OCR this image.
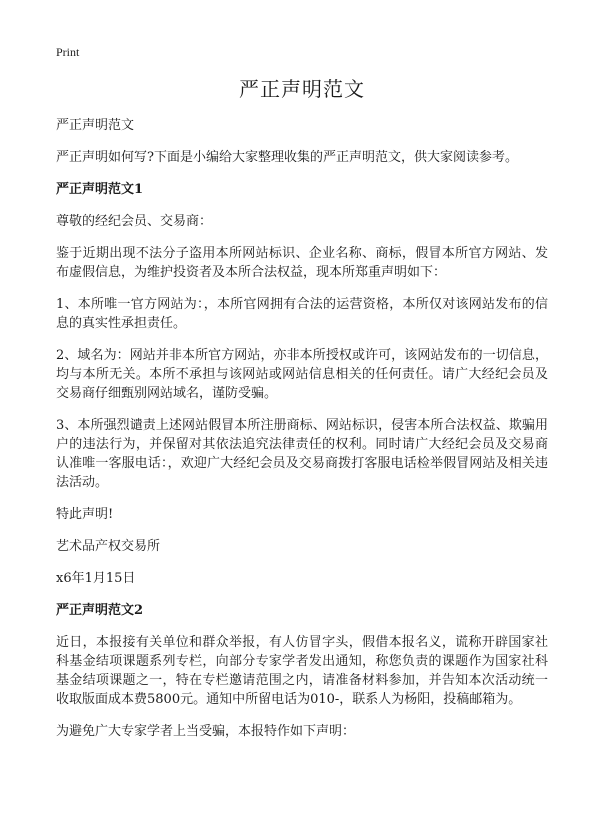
Print
严正声明范文

严正声明范文

严正声明如何写?下面是小编给大家整理收集的严正声明范文，供大家阅读参考。

严正声明范文1

尊敬的经纪会员、交易商：

鉴于近期出现不法分子盗用本所网站标识、企业名称、商标，假冒本所官方网站、发布虚假信息，为维护投资者及本所合法权益，现本所郑重声明如下：

1、本所唯一官方网站为：，本所官网拥有合法的运营资格，本所仅对该网站发布的信息的真实性承担责任。

2、域名为：网站并非本所官方网站，亦非本所授权或许可，该网站发布的一切信息，均与本所无关。本所不承担与该网站或网站信息相关的任何责任。请广大经纪会员及交易商仔细甄别网站域名，谨防受骗。

3、本所强烈谴责上述网站假冒本所注册商标、网站标识，侵害本所合法权益、欺骗用户的违法行为，并保留对其依法追究法律责任的权利。同时请广大经纪会员及交易商认准唯一客服电话：，欢迎广大经纪会员及交易商拨打客服电话检举假冒网站及相关违法活动。

特此声明!

艺术品产权交易所

x6年1月15日

严正声明范文2

近日，本报接有关单位和群众举报，有人仿冒字头，假借本报名义，谎称开辟国家社科基金结项课题系列专栏，向部分专家学者发出通知，称您负责的课题作为国家社科基金结项课题之一，特在专栏邀请范围之内，请准备材料参加，并告知本次活动统一收取版面成本费5800元。通知中所留电话为010-，联系人为杨阳，投稿邮箱为。

为避免广大专家学者上当受骗，本报特作如下声明：
